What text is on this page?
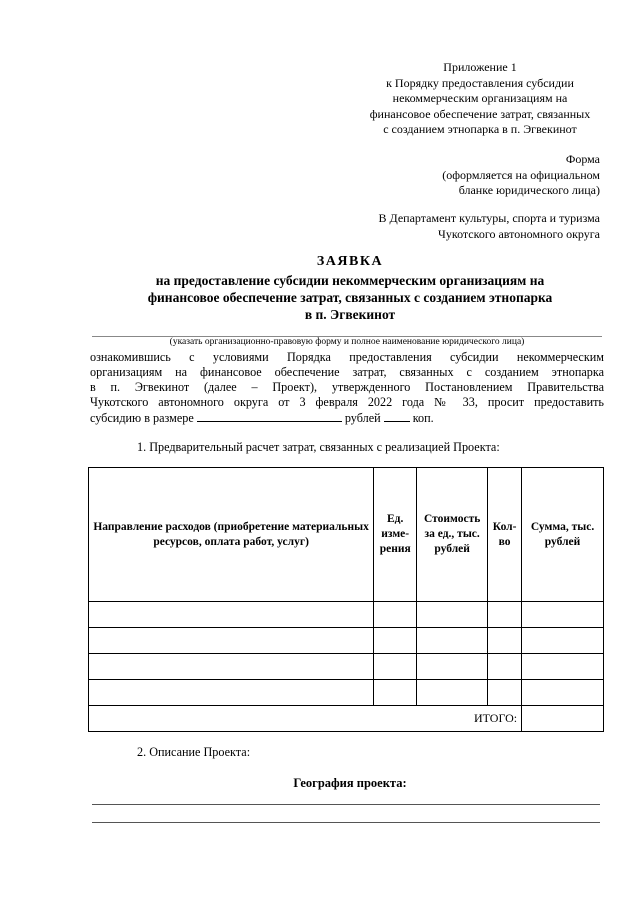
Приложение 1
к Порядку предоставления субсидии
некоммерческим организациям на
финансовое обеспечение затрат, связанных
с созданием этнопарка в п. Эгвекинот
Форма
(оформляется на официальном
бланке юридического лица)
В Департамент культуры, спорта и туризма
Чукотского автономного округа
ЗАЯВКА
на предоставление субсидии некоммерческим организациям на
финансовое обеспечение затрат, связанных с созданием этнопарка
в п. Эгвекинот
(указать организационно-правовую форму и полное наименование юридического лица)
ознакомившись с условиями Порядка предоставления субсидии некоммерческим
организациям на финансовое обеспечение затрат, связанных с созданием этнопарка
в п. Эгвекинот (далее – Проект), утвержденного Постановлением Правительства
Чукотского автономного округа от 3 февраля 2022 года № 33, просит предоставить
субсидию в размере	рублей	коп.
1. Предварительный расчет затрат, связанных с реализацией Проекта:
Направление расходов (приобретение материальных ресурсов, оплата работ, услуг)	Ед. изме-рения	Стоимость за ед., тыс. рублей	Кол-во	Сумма, тыс. рублей

ИТОГО:				
2. Описание Проекта:
География проекта:
